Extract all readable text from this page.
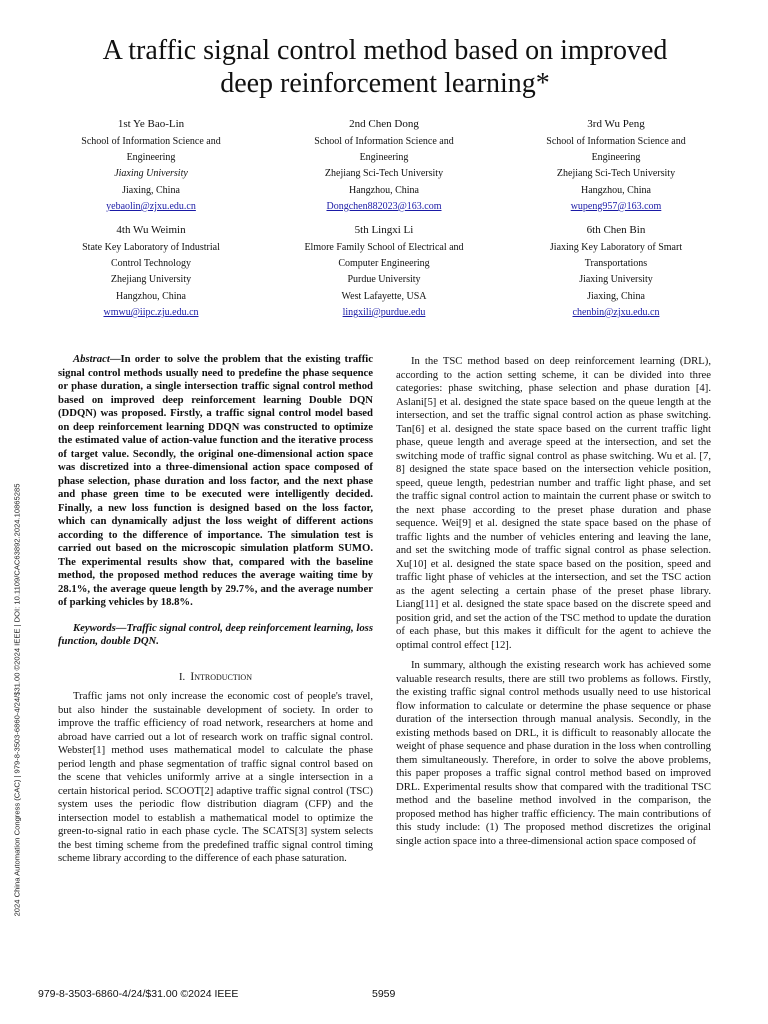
2024 China Automation Congress (CAC) | 979-8-3503-6860-4/24/$31.00 ©2024 IEEE | DOI: 10.1109/CAC63892.2024.10865285
A traffic signal control method based on improved
deep reinforcement learning*
1st Ye Bao-Lin
School of Information Science and
Engineering
Jiaxing University
Jiaxing, China
yebaolin@zjxu.edu.cn
2nd Chen Dong
School of Information Science and
Engineering
Zhejiang Sci-Tech University
Hangzhou, China
Dongchen882023@163.com
3rd Wu Peng
School of Information Science and
Engineering
Zhejiang Sci-Tech University
Hangzhou, China
wupeng957@163.com
4th Wu Weimin
State Key Laboratory of Industrial
Control Technology
Zhejiang University
Hangzhou, China
wmwu@iipc.zju.edu.cn
5th Lingxi Li
Elmore Family School of Electrical and
Computer Engineering
Purdue University
West Lafayette, USA
lingxili@purdue.edu
6th Chen Bin
Jiaxing Key Laboratory of Smart
Transportations
Jiaxing University
Jiaxing, China
chenbin@zjxu.edu.cn

Abstract—In order to solve the problem that the existing traffic signal control methods usually need to predefine the phase sequence or phase duration, a single intersection traffic signal control method based on improved deep reinforcement learning Double DQN (DDQN) was proposed. Firstly, a traffic signal control model based on deep reinforcement learning DDQN was constructed to optimize the estimated value of action-value function and the iterative process of target value. Secondly, the original one-dimensional action space was discretized into a three-dimensional action space composed of phase selection, phase duration and loss factor, and the next phase and phase green time to be executed were intelligently decided. Finally, a new loss function is designed based on the loss factor, which can dynamically adjust the loss weight of different actions according to the difference of importance. The simulation test is carried out based on the microscopic simulation platform SUMO. The experimental results show that, compared with the baseline method, the proposed method reduces the average waiting time by 28.1%, the average queue length by 29.7%, and the average number of parking vehicles by 18.8%.

Keywords—Traffic signal control, deep reinforcement learning, loss function, double DQN.

I. Introduction

Traffic jams not only increase the economic cost of people's travel, but also hinder the sustainable development of society. In order to improve the traffic efficiency of road network, researchers at home and abroad have carried out a lot of research work on traffic signal control. Webster[1] method uses mathematical model to calculate the phase period length and phase segmentation of traffic signal control based on the scene that vehicles uniformly arrive at a single intersection in a certain historical period. SCOOT[2] adaptive traffic signal control (TSC) system uses the periodic flow distribution diagram (CFP) and the intersection model to establish a mathematical model to optimize the green-to-signal ratio in each phase cycle. The SCATS[3] system selects the best timing scheme from the predefined traffic signal control timing scheme library according to the difference of each phase saturation.

In the TSC method based on deep reinforcement learning (DRL), according to the action setting scheme, it can be divided into three categories: phase switching, phase selection and phase duration [4]. Aslani[5] et al. designed the state space based on the queue length at the intersection, and set the traffic signal control action as phase switching. Tan[6] et al. designed the state space based on the current traffic light phase, queue length and average speed at the intersection, and set the switching mode of traffic signal control as phase switching. Wu et al. [7, 8] designed the state space based on the intersection vehicle position, speed, queue length, pedestrian number and traffic light phase, and set the traffic signal control action to maintain the current phase or switch to the next phase according to the preset phase duration and phase sequence. Wei[9] et al. designed the state space based on the phase of traffic lights and the number of vehicles entering and leaving the lane, and set the switching mode of traffic signal control as phase selection. Xu[10] et al. designed the state space based on the position, speed and traffic light phase of vehicles at the intersection, and set the TSC action as the agent selecting a certain phase of the preset phase library. Liang[11] et al. designed the state space based on the discrete speed and position grid, and set the action of the TSC method to update the duration of each phase, but this makes it difficult for the agent to achieve the optimal control effect [12].

In summary, although the existing research work has achieved some valuable research results, there are still two problems as follows. Firstly, the existing traffic signal control methods usually need to use historical flow information to calculate or determine the phase sequence or phase duration of the intersection through manual analysis. Secondly, in the existing methods based on DRL, it is difficult to reasonably allocate the weight of phase sequence and phase duration in the loss when controlling them simultaneously. Therefore, in order to solve the above problems, this paper proposes a traffic signal control method based on improved DRL. Experimental results show that compared with the traditional TSC method and the baseline method involved in the comparison, the proposed method has higher traffic efficiency. The main contributions of this study include: (1) The proposed method discretizes the original single action space into a three-dimensional action space composed of

979-8-3503-6860-4/24/$31.00 ©2024 IEEE	5959
